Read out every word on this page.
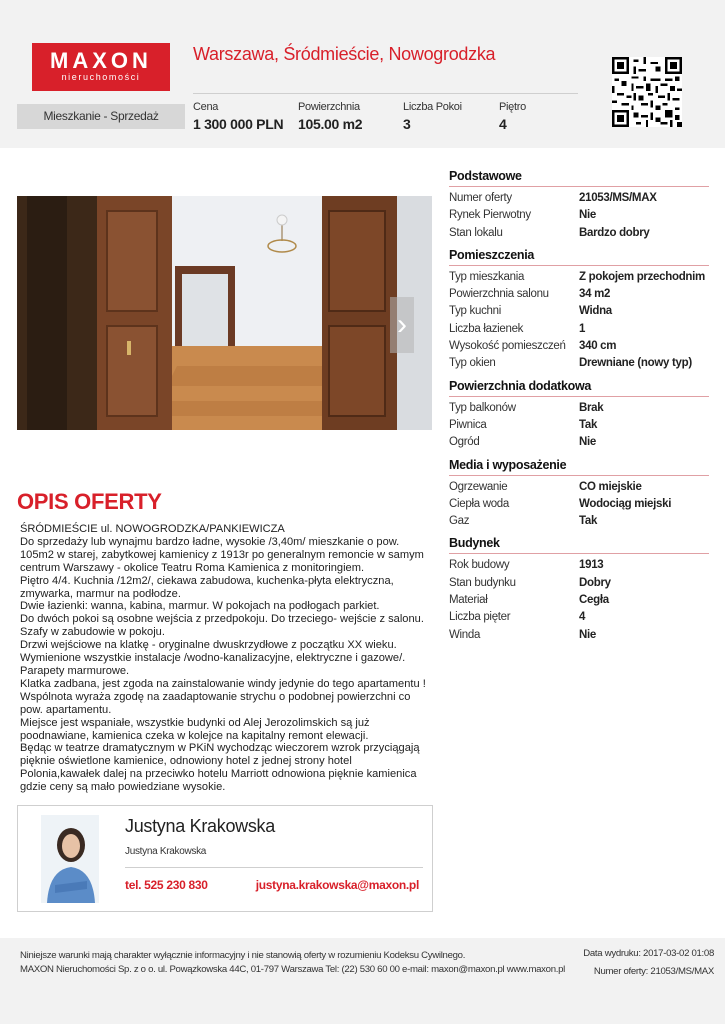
MAXON
nieruchomości
Warszawa, Śródmieście, Nowogrodzka
Mieszkanie - Sprzedaż
Cena
1 300 000 PLN
Powierzchnia
105.00 m2
Liczba Pokoi
3
Piętro
4
›
OPIS OFERTY
ŚRÓDMIEŚCIE ul. NOWOGRODZKA/PANKIEWICZA
Do sprzedaży lub wynajmu bardzo ładne, wysokie /3,40m/ mieszkanie o pow.
105m2 w starej, zabytkowej kamienicy z 1913r po generalnym remoncie w samym
centrum Warszawy - okolice Teatru Roma Kamienica z monitoringiem.
Piętro 4/4. Kuchnia /12m2/, ciekawa zabudowa, kuchenka-płyta elektryczna,
zmywarka, marmur na podłodze.
Dwie łazienki: wanna, kabina, marmur. W pokojach na podłogach parkiet.
Do dwóch pokoi są osobne wejścia z przedpokoju. Do trzeciego- wejście z salonu.
Szafy w zabudowie w pokoju.
Drzwi wejściowe na klatkę - oryginalne dwuskrzydłowe z początku XX wieku.
Wymienione wszystkie instalacje /wodno-kanalizacyjne, elektryczne i gazowe/.
Parapety marmurowe.
Klatka zadbana, jest zgoda na zainstalowanie windy jedynie do tego apartamentu !
Wspólnota wyraża zgodę na zaadaptowanie strychu o podobnej powierzchni co
pow. apartamentu.
Miejsce jest wspaniałe, wszystkie budynki od Alej Jerozolimskich są już
poodnawiane, kamienica czeka w kolejce na kapitalny remont elewacji.
Będąc w teatrze dramatycznym w PKiN wychodząc wieczorem wzrok przyciągają
pięknie oświetlone kamienice, odnowiony hotel z jednej strony hotel
Polonia,kawałek dalej na przeciwko hotelu Marriott odnowiona pięknie kamienica
gdzie ceny są mało powiedziane wysokie.
Justyna Krakowska
Justyna Krakowska
tel. 525 230 830	justyna.krakowska@maxon.pl
Podstawowe
Numer oferty	21053/MS/MAX
Rynek Pierwotny	Nie
Stan lokalu	Bardzo dobry
Pomieszczenia
Typ mieszkania	Z pokojem przechodnim
Powierzchnia salonu	34 m2
Typ kuchni	Widna
Liczba łazienek	1
Wysokość pomieszczeń 340 cm
Typ okien	Drewniane (nowy typ)
Powierzchnia dodatkowa
Typ balkonów	Brak
Piwnica	Tak
Ogród	Nie
Media i wyposażenie
Ogrzewanie	CO miejskie
Ciepła woda	Wodociąg miejski
Gaz	Tak
Budynek
Rok budowy	1913
Stan budynku	Dobry
Materiał	Cegła
Liczba pięter	4
Winda	Nie
Niniejsze warunki mają charakter wyłącznie informacyjny i nie stanowią oferty w rozumieniu Kodeksu Cywilnego.
MAXON Nieruchomości Sp. z o o. ul. Powązkowska 44C, 01-797 Warszawa Tel: (22) 530 60 00 e-mail: maxon@maxon.pl www.maxon.pl
Data wydruku: 2017-03-02 01:08
Numer oferty: 21053/MS/MAX
